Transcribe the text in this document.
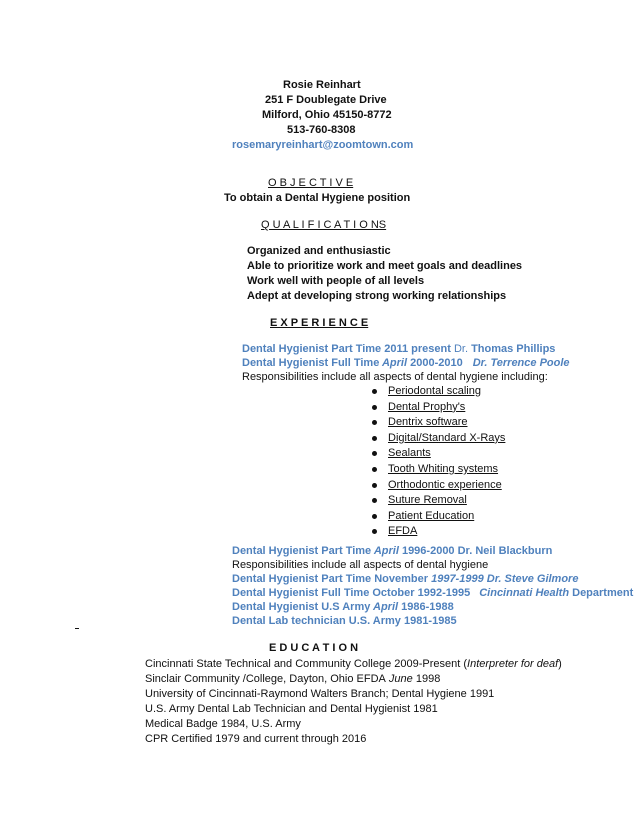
Rosie Reinhart
251 F Doublegate Drive
Milford, Ohio 45150-8772
513-760-8308
rosemaryreinhart@zoomtown.com
O B J E C T I V E
To obtain a Dental Hygiene position
Q U A L I F I C A T I O NS
Organized and enthusiastic
Able to prioritize work and meet goals and deadlines
Work well with people of all levels
Adept at developing strong working relationships
E X P E R I E N C E
Dental Hygienist Part Time 2011 present Dr. Thomas Phillips
Dental Hygienist Full Time April 2000-2010 Dr. Terrence Poole
Responsibilities include all aspects of dental hygiene including:
Periodontal scaling
Dental Prophy's
Dentrix software
Digital/Standard X-Rays
Sealants
Tooth Whiting systems
Orthodontic experience
Suture Removal
Patient Education
EFDA
Dental Hygienist Part Time April 1996-2000 Dr. Neil Blackburn
Responsibilities include all aspects of dental hygiene
Dental Hygienist Part Time November 1997-1999 Dr. Steve Gilmore
Dental Hygienist Full Time October 1992-1995 Cincinnati Health Department
Dental Hygienist U.S Army April 1986-1988
Dental Lab technician U.S. Army 1981-1985
E D U C A T I O N
Cincinnati State Technical and Community College 2009-Present (Interpreter for deaf)
Sinclair Community /College, Dayton, Ohio EFDA June 1998
University of Cincinnati-Raymond Walters Branch; Dental Hygiene 1991
U.S. Army Dental Lab Technician and Dental Hygienist 1981
Medical Badge 1984, U.S. Army
CPR Certified 1979 and current through 2016
